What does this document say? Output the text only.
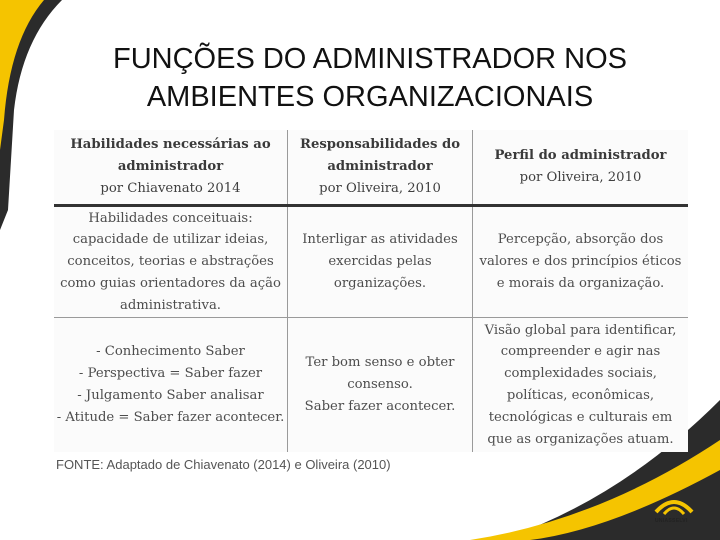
UNIASSELVI
FUNÇÕES DO ADMINISTRADOR NOS
AMBIENTES ORGANIZACIONAIS
Habilidades necessárias ao
administrador
por Chiavenato 2014
Responsabilidades do
administrador
por Oliveira, 2010
Perfil do administrador
por Oliveira, 2010
Habilidades conceituais:
capacidade de utilizar ideias,
conceitos, teorias e abstrações
como guias orientadores da ação
administrativa.
Interligar as atividades
exercidas pelas
organizações.
Percepção, absorção dos
valores e dos princípios éticos
e morais da organização.
- Conhecimento Saber
- Perspectiva = Saber fazer
- Julgamento Saber analisar
- Atitude = Saber fazer acontecer.
Ter bom senso e obter
consenso.
Saber fazer acontecer.
Visão global para identificar,
compreender e agir nas
complexidades sociais,
políticas, econômicas,
tecnológicas e culturais em
que as organizações atuam.
FONTE: Adaptado de Chiavenato (2014) e Oliveira (2010)
